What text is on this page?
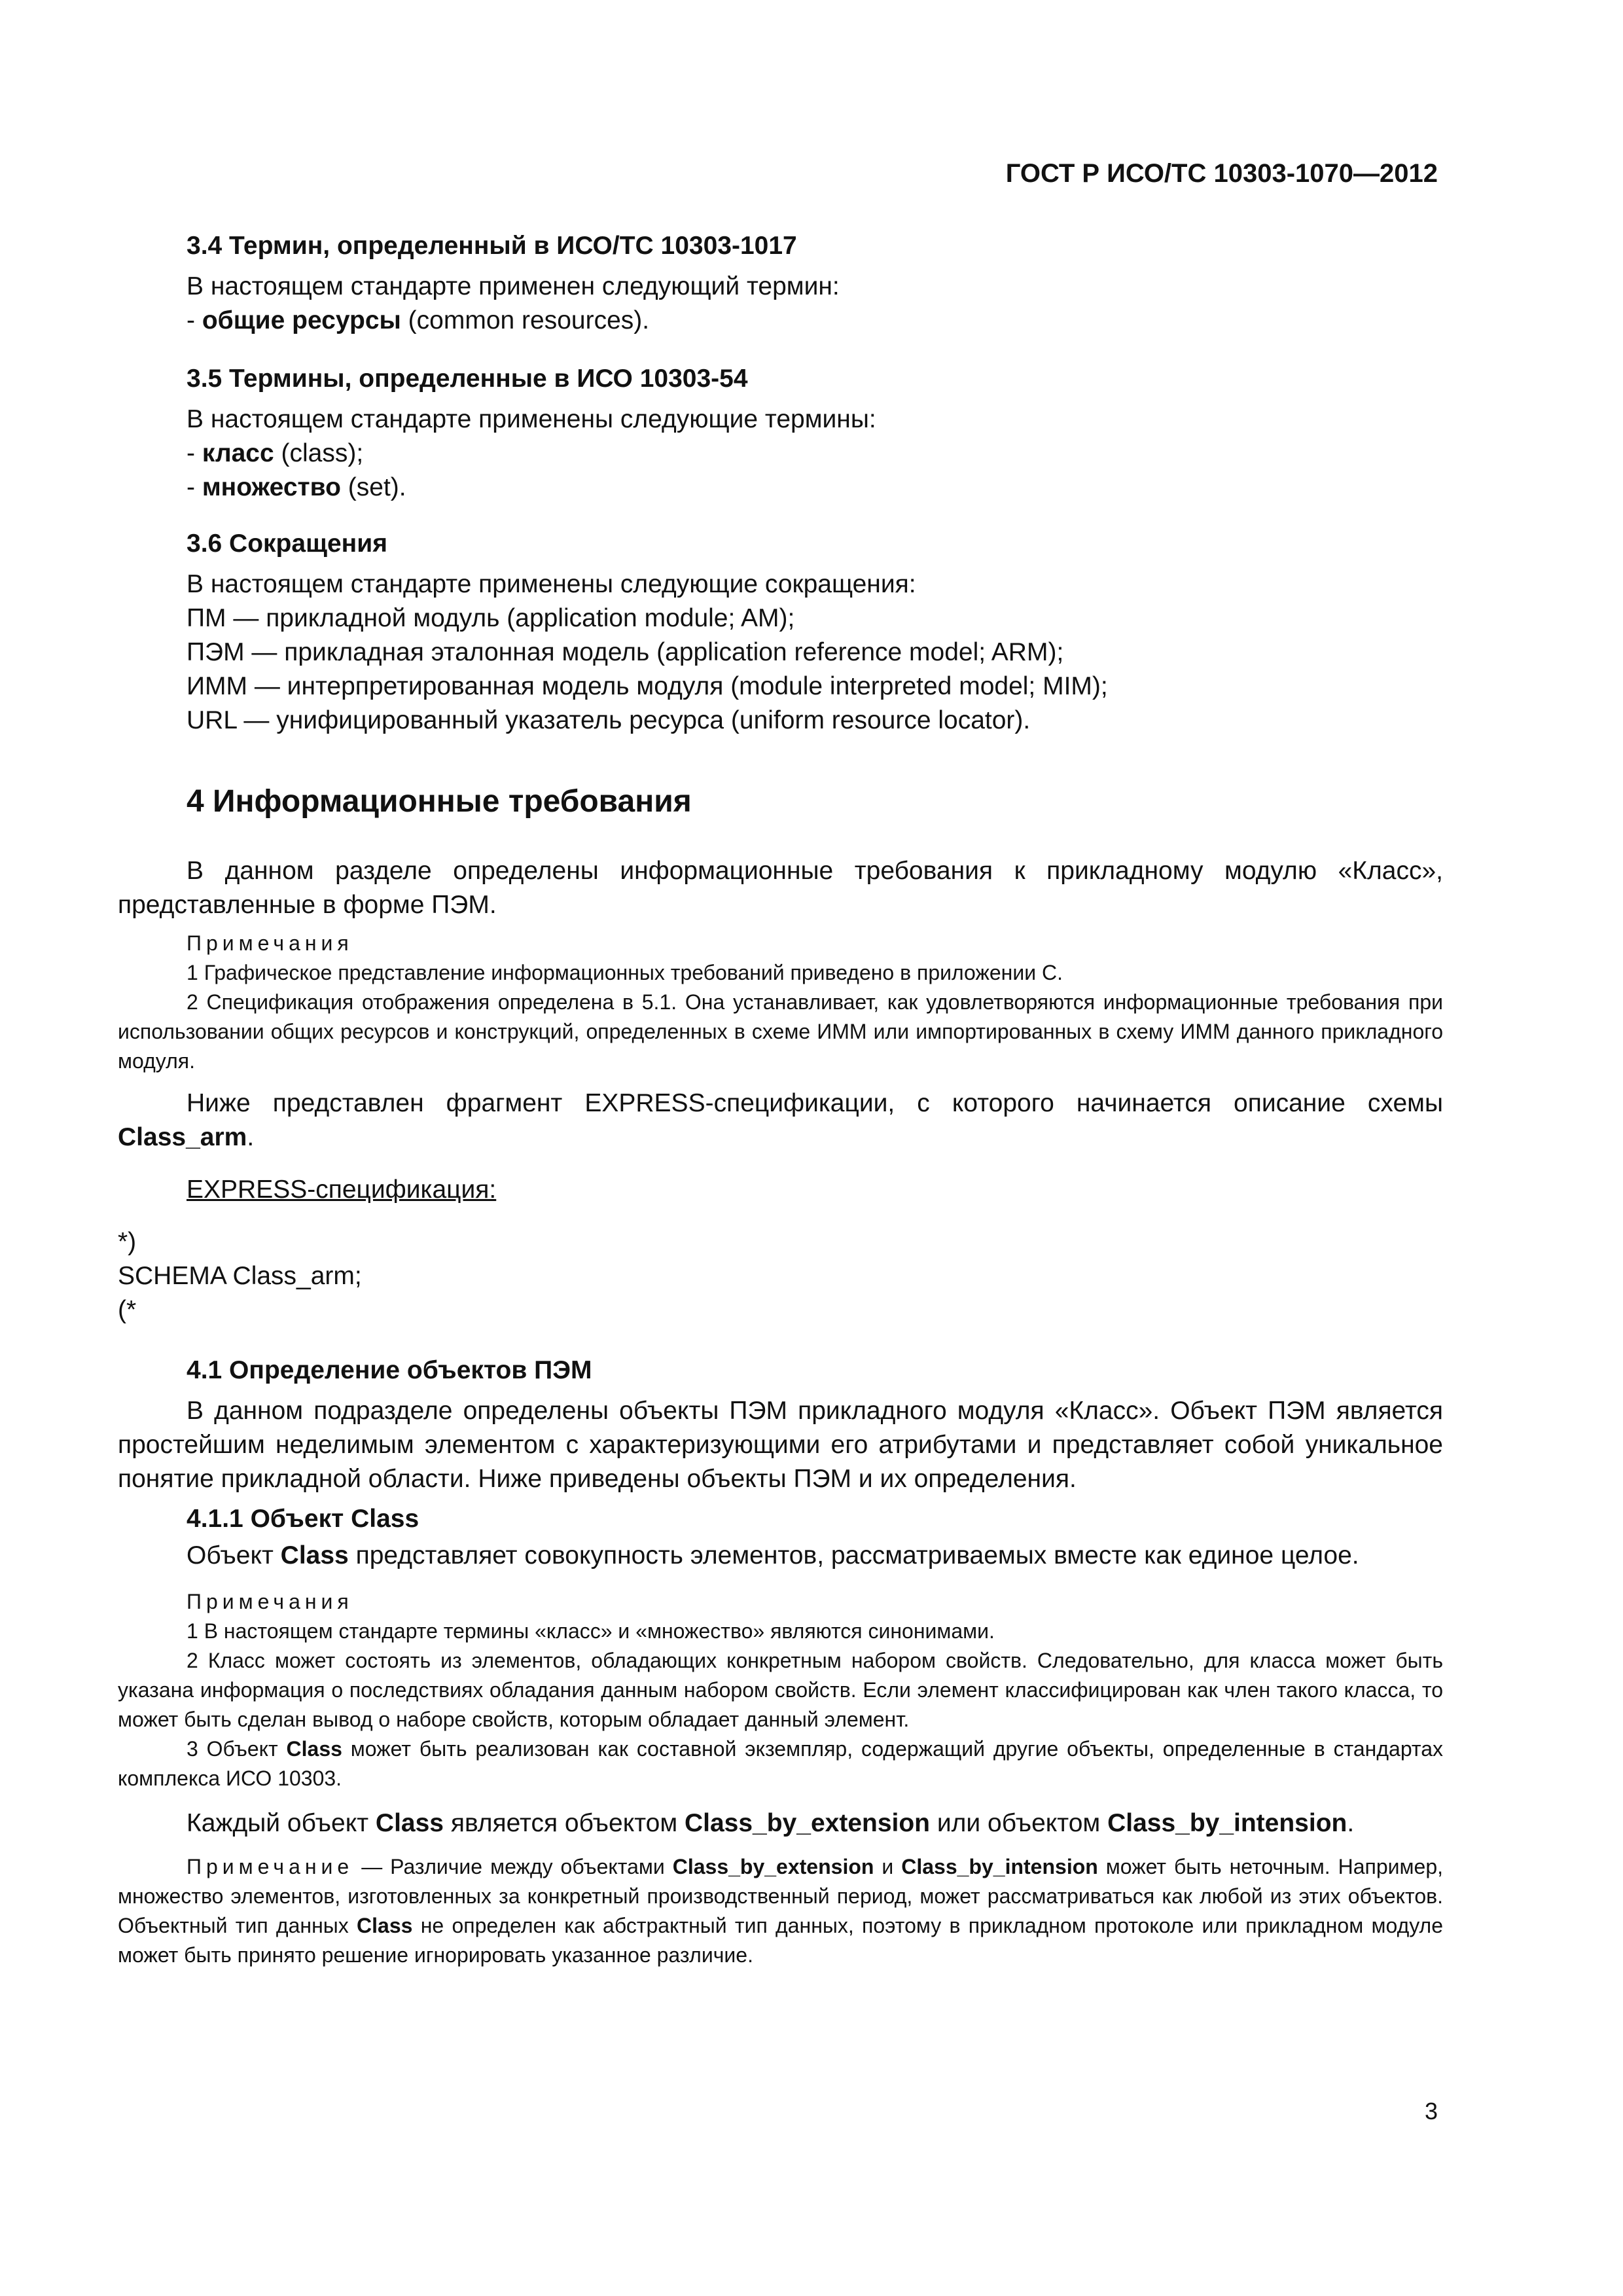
ГОСТ Р ИСО/ТС 10303-1070—2012
3.4 Термин, определенный в ИСО/ТС 10303-1017
В настоящем стандарте применен следующий термин:
- общие ресурсы (common resources).
3.5 Термины, определенные в ИСО 10303-54
В настоящем стандарте применены следующие термины:
- класс (class);
- множество (set).
3.6 Сокращения
В настоящем стандарте применены следующие сокращения:
ПМ — прикладной модуль (application module; AM);
ПЭМ — прикладная эталонная модель (application reference model; ARM);
ИММ — интерпретированная модель модуля (module interpreted model; MIM);
URL — унифицированный указатель ресурса (uniform resource locator).
4 Информационные требования
В данном разделе определены информационные требования к прикладному модулю «Класс», представленные в форме ПЭМ.
Примечания
1 Графическое представление информационных требований приведено в приложении С.
2 Спецификация отображения определена в 5.1. Она устанавливает, как удовлетворяются информационные требования при использовании общих ресурсов и конструкций, определенных в схеме ИММ или импортированных в схему ИММ данного прикладного модуля.
Ниже представлен фрагмент EXPRESS-спецификации, с которого начинается описание схемы Class_arm.
EXPRESS-спецификация:
*)
SCHEMA Class_arm;
(*
4.1 Определение объектов ПЭМ
В данном подразделе определены объекты ПЭМ прикладного модуля «Класс». Объект ПЭМ является простейшим неделимым элементом с характеризующими его атрибутами и представляет собой уникальное понятие прикладной области. Ниже приведены объекты ПЭМ и их определения.
4.1.1 Объект Class
Объект Class представляет совокупность элементов, рассматриваемых вместе как единое целое.
Примечания
1 В настоящем стандарте термины «класс» и «множество» являются синонимами.
2 Класс может состоять из элементов, обладающих конкретным набором свойств. Следовательно, для класса может быть указана информация о последствиях обладания данным набором свойств. Если элемент классифицирован как член такого класса, то может быть сделан вывод о наборе свойств, которым обладает данный элемент.
3 Объект Class может быть реализован как составной экземпляр, содержащий другие объекты, определенные в стандартах комплекса ИСО 10303.
Каждый объект Class является объектом Class_by_extension или объектом Class_by_intension.
Примечание — Различие между объектами Class_by_extension и Class_by_intension может быть неточным. Например, множество элементов, изготовленных за конкретный производственный период, может рассматриваться как любой из этих объектов. Объектный тип данных Class не определен как абстрактный тип данных, поэтому в прикладном протоколе или прикладном модуле может быть принято решение игнорировать указанное различие.
3
